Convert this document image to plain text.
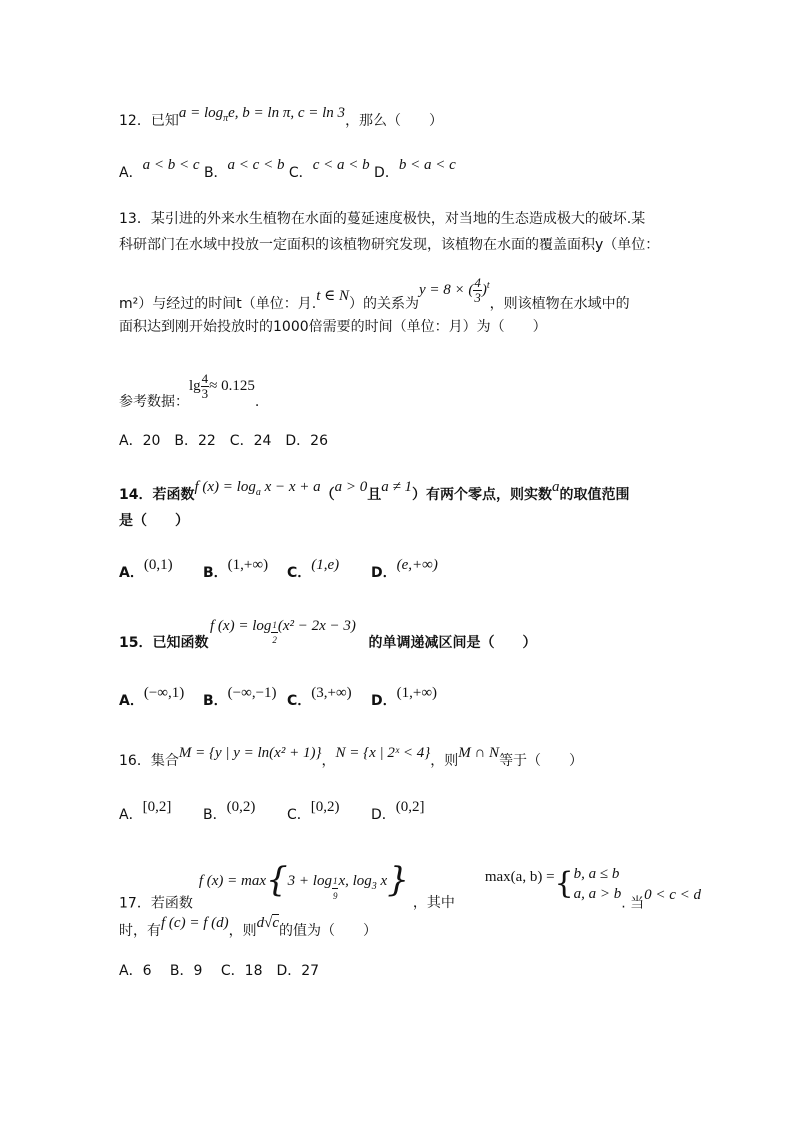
12．已知$a = \log_\pi e$, b = ln π, c = ln 3，那么（　　）
A．a < b < c B．a < c < b C．c < a < b D．b < a < c
13．某引进的外来水生植物在水面的蔓延速度极快，对当地的生态造成极大的破坏.某
科研部门在水域中投放一定面积的该植物研究发现，该植物在水面的覆盖面积y（单位：
m²）与经过的时间t（单位：月.t ∈ N）的关系为y = 8 × ( $\frac{4}{3} )^t$，则该植物在水域中的
面积达到刚开始投放时的1000倍需要的时间（单位：月）为（　　）
参考数据：$\lg \frac{4}{3} \approx 0.125$.
A．20　B．22　C．24　D．26
14．若函数f $(x) = \log_a x - x + a(a > 0$且a ≠ 1）有两个零点，则实数a的取值范围
是（　　）
A．(0,1) B．(1,+∞) C．(1,e) D．(e,+∞)
f $(x) = \log \frac{1}{2} (x^2 - 2x - 3)$
15．已知函数	的单调递减区间是（　　）
A．(−∞,1) B．(−∞,−1) C．(3,+∞) D．(1,+∞)
16．集合M = {y | y = ln(x² + 1)}，N = {x | 2ˣ < 4}，则M ∩ N等于（　　）
A．[0,2] B．(0,2) C．[0,2) D．(0,2]
17．若函数f $(x) = \max\{3 + \log \frac{1}{9} x$, $\log_3 x$}，其中max(a, b) ={ b, a ≤ b
a, a > b
. 当0 < c < d
时，有f (c) = f (d)，则d√c的值为（　　）
A．6　 B．9　 C．18　D．27
